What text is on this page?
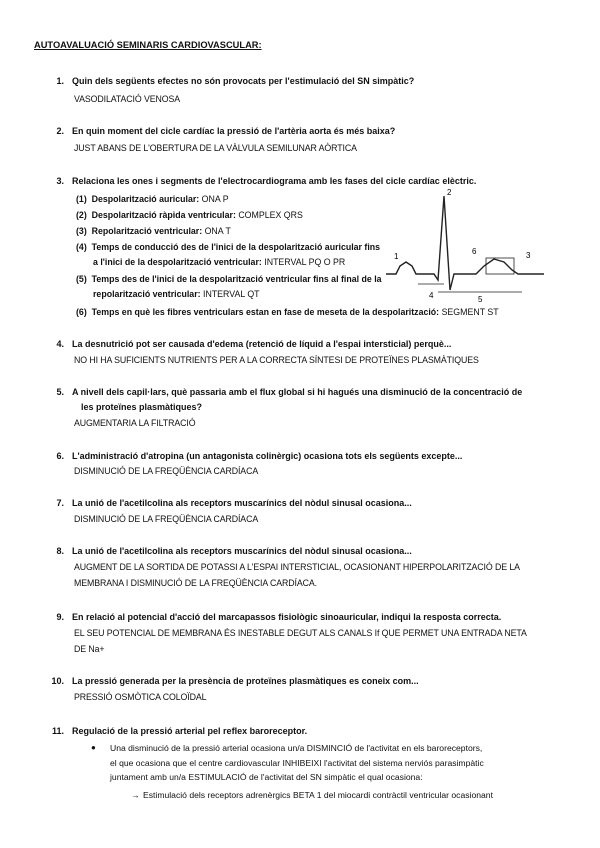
AUTOAVALUACIÓ SEMINARIS CARDIOVASCULAR:
1. Quin dels següents efectes no són provocats per l'estimulació del SN simpàtic?
VASODILATACIÓ VENOSA
2. En quin moment del cicle cardíac la pressió de l'artèria aorta és més baixa?
JUST ABANS DE L'OBERTURA DE LA VÀLVULA SEMILUNAR AÒRTICA
3. Relaciona les ones i segments de l'electrocardiograma amb les fases del cicle cardíac elèctric.
(1) Despolarització auricular: ONA P
(2) Despolarització ràpida ventricular: COMPLEX QRS
(3) Repolarització ventricular: ONA T
(4) Temps de conducció des de l'inici de la despolarització auricular fins
a l'inici de la despolarització ventricular: INTERVAL PQ O PR
(5) Temps des de l'inici de la despolarització ventricular fins al final de la
repolarització ventricular: INTERVAL QT
(6) Temps en què les fibres ventriculars estan en fase de meseta de la despolarització: SEGMENT ST
1
2
3
4	5
6
4. La desnutrició pot ser causada d'edema (retenció de líquid a l'espai intersticial) perquè...
NO HI HA SUFICIENTS NUTRIENTS PER A LA CORRECTA SÍNTESI DE PROTEÏNES PLASMÀTIQUES
5. A nivell dels capil·lars, què passaria amb el flux global si hi hagués una disminució de la concentració de
les proteïnes plasmàtiques?
AUGMENTARIA LA FILTRACIÓ
6. L'administració d'atropina (un antagonista colinèrgic) ocasiona tots els següents excepte...
DISMINUCIÓ DE LA FREQÜÈNCIA CARDÍACA
7. La unió de l'acetilcolina als receptors muscarínics del nòdul sinusal ocasiona...
DISMINUCIÓ DE LA FREQÜÈNCIA CARDÍACA
8. La unió de l'acetilcolina als receptors muscarínics del nòdul sinusal ocasiona...
AUGMENT DE LA SORTIDA DE POTASSI A L'ESPAI INTERSTICIAL, OCASIONANT HIPERPOLARITZACIÓ DE LA
MEMBRANA I DISMINUCIÓ DE LA FREQÜÈNCIA CARDÍACA.
9. En relació al potencial d'acció del marcapassos fisiològic sinoauricular, indiqui la resposta correcta.
EL SEU POTENCIAL DE MEMBRANA ÉS INESTABLE DEGUT ALS CANALS If QUE PERMET UNA ENTRADA NETA
DE Na+
10. La pressió generada per la presència de proteïnes plasmàtiques es coneix com...
PRESSIÓ OSMÒTICA COLOÏDAL
11. Regulació de la pressió arterial pel reflex baroreceptor.
● Una disminució de la pressió arterial ocasiona un/a DISMINCIÓ de l'activitat en els baroreceptors,
el que ocasiona que el centre cardiovascular INHIBEIXI l'activitat del sistema nerviós parasimpàtic
juntament amb un/a ESTIMULACIÓ de l'activitat del SN simpàtic el qual ocasiona:
→ Estimulació dels receptors adrenèrgics BETA 1 del miocardi contràctil ventricular ocasionant
